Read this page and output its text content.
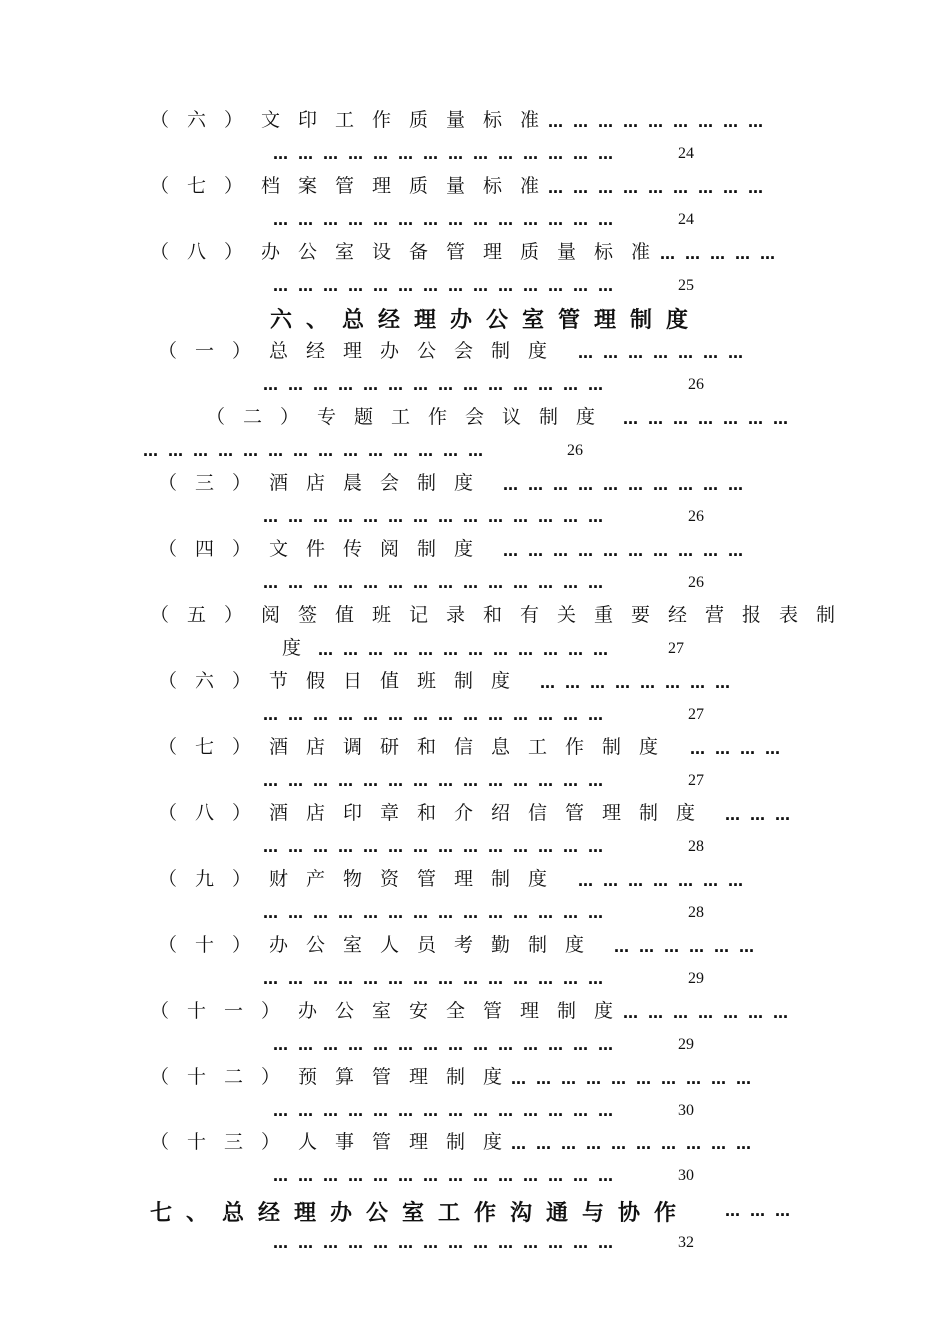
（六）文印工作质量标准
………………………
……………………………………	24
（七）档案管理质量标准
………………………
……………………………………	24
（八）办公室设备管理质量标准
……………
……………………………………	25
六、总经理办公室管理制度
（一）总经理办公会制度 …………………
……………………………………	26
（二）专题工作会议制度 …………………
……………………………………	26
（三）酒店晨会制度 …………………………
……………………………………	26
（四）文件传阅制度 …………………………
……………………………………	26
（五）阅签值班记录和有关重要经营报表制
度 ………………………………	27
（六）节假日值班制度 ……………………
……………………………………	27
（七）酒店调研和信息工作制度 …………
……………………………………	27
（八）酒店印章和介绍信管理制度 ………
……………………………………	28
（九）财产物资管理制度 …………………
……………………………………	28
（十）办公室人员考勤制度 ………………
……………………………………	29
（十一）办公室安全管理制度
…………………
……………………………………	29
（十二）预算管理制度
…………………………
……………………………………	30
（十三）人事管理制度
…………………………
……………………………………	30
七、总经理办公室工作沟通与协作 ………
……………………………………	32
